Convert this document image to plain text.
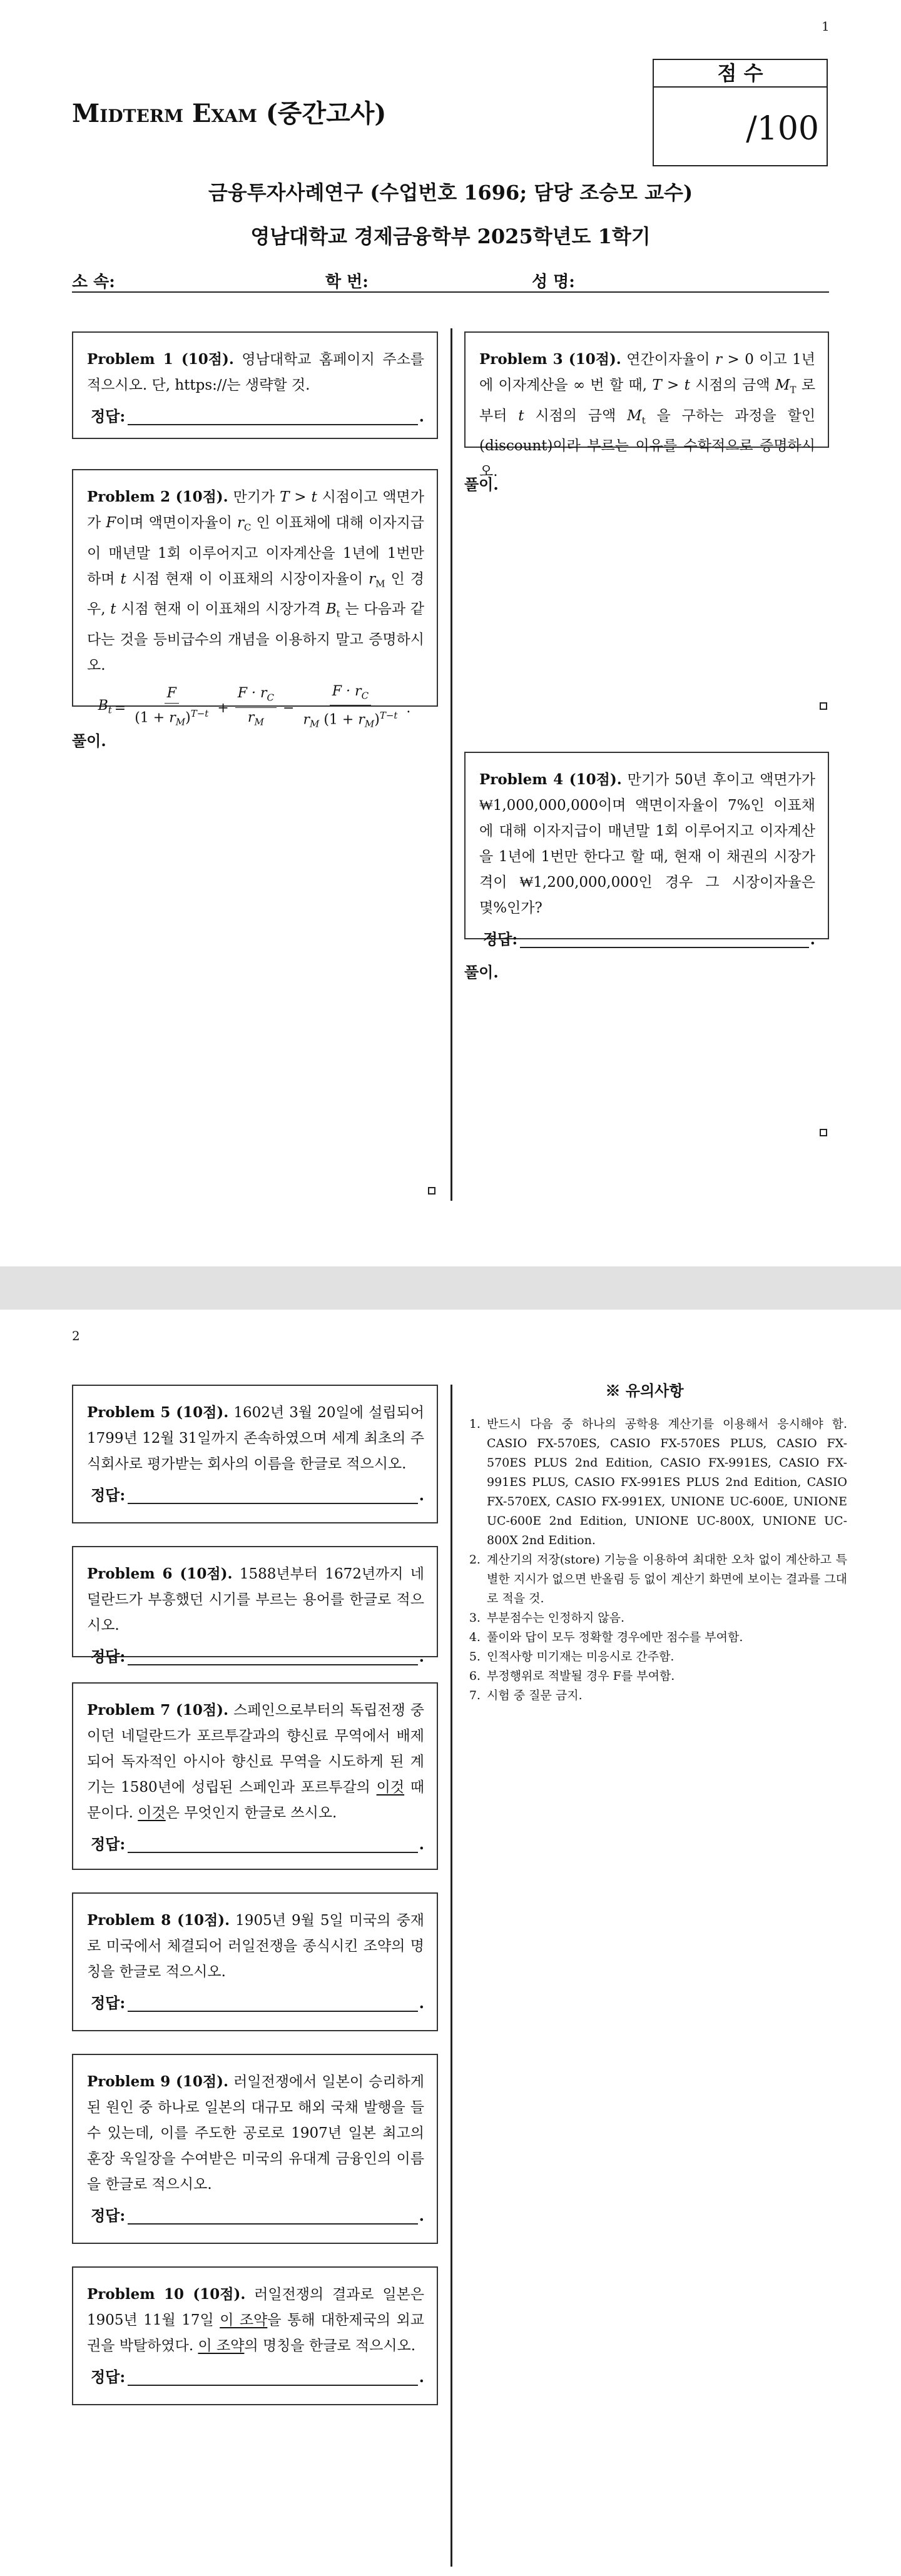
1
Midterm Exam (중간고사)
점 수
/100
금융투자사례연구 (수업번호 1696; 담당 조승모 교수)
영남대학교 경제금융학부 2025학년도 1학기
소 속:	학 번:	성 명:
Problem 1 (10점). 영남대학교 홈페이지 주소를 적으시오. 단, https://는 생략할 것.
정답:	.
Problem 2 (10점). 만기가 T > t 시점이고 액면가가 F이며 액면이자율이 $r_C$ 인 이표채에 대해 이자지급이 매년말 1회 이루어지고 이자계산을 1년에 1번만 하며 t 시점 현재 이 이표채의 시장이자율이 $r_M$ 인 경우, t 시점 현재 이 이표채의 시장가격 $B_t$ 는 다음과 같다는 것을 등비급수의 개념을 이용하지 말고 증명하시오.
$B_t = \frac{F}{(1 + r_M)^{T-t}} + \frac{F \cdot r_C}{r_M} - \frac{F \cdot r_C}{r_M (1 + r_M)^{T-t}}$ .
풀이.
Problem 3 (10점). 연간이자율이 r > 0 이고 1년에 이자계산을 ∞ 번 할 때, T > t 시점의 금액 $M_T$ 로부터 t 시점의 금액 $M_t$ 을 구하는 과정을 할인(discount)이라 부르는 이유를 수학적으로 증명하시오.
풀이.
Problem 4 (10점). 만기가 50년 후이고 액면가가 ₩1,000,000,000이며 액면이자율이 7%인 이표채에 대해 이자지급이 매년말 1회 이루어지고 이자계산을 1년에 1번만 한다고 할 때, 현재 이 채권의 시장가격이 ₩1,200,000,000인 경우 그 시장이자율은 몇%인가?
정답:	.
풀이.
2
Problem 5 (10점). 1602년 3월 20일에 설립되어 1799년 12월 31일까지 존속하였으며 세계 최초의 주식회사로 평가받는 회사의 이름을 한글로 적으시오.
정답:	.
Problem 6 (10점). 1588년부터 1672년까지 네덜란드가 부흥했던 시기를 부르는 용어를 한글로 적으시오.
정답:	.
Problem 7 (10점). 스페인으로부터의 독립전쟁 중이던 네덜란드가 포르투갈과의 향신료 무역에서 배제되어 독자적인 아시아 향신료 무역을 시도하게 된 계기는 1580년에 성립된 스페인과 포르투갈의 이것 때문이다. 이것은 무엇인지 한글로 쓰시오.
정답:	.
Problem 8 (10점). 1905년 9월 5일 미국의 중재로 미국에서 체결되어 러일전쟁을 종식시킨 조약의 명칭을 한글로 적으시오.
정답:	.
Problem 9 (10점). 러일전쟁에서 일본이 승리하게 된 원인 중 하나로 일본의 대규모 해외 국채 발행을 들 수 있는데, 이를 주도한 공로로 1907년 일본 최고의 훈장 욱일장을 수여받은 미국의 유대계 금융인의 이름을 한글로 적으시오.
정답:	.
Problem 10 (10점). 러일전쟁의 결과로 일본은 1905년 11월 17일 이 조약을 통해 대한제국의 외교권을 박탈하였다. 이 조약의 명칭을 한글로 적으시오.
정답:	.
※ 유의사항
1. 반드시 다음 중 하나의 공학용 계산기를 이용해서 응시해야 함. CASIO FX-570ES, CASIO FX-570ES PLUS, CASIO FX-570ES PLUS 2nd Edition, CASIO FX-991ES, CASIO FX-991ES PLUS, CASIO FX-991ES PLUS 2nd Edition, CASIO FX-570EX, CASIO FX-991EX, UNIONE UC-600E, UNIONE UC-600E 2nd Edition, UNIONE UC-800X, UNIONE UC-800X 2nd Edition.
2. 계산기의 저장(store) 기능을 이용하여 최대한 오차 없이 계산하고 특별한 지시가 없으면 반올림 등 없이 계산기 화면에 보이는 결과를 그대로 적을 것.
3. 부분점수는 인정하지 않음.
4. 풀이와 답이 모두 정확할 경우에만 점수를 부여함.
5. 인적사항 미기재는 미응시로 간주함.
6. 부정행위로 적발될 경우 F를 부여함.
7. 시험 중 질문 금지.
